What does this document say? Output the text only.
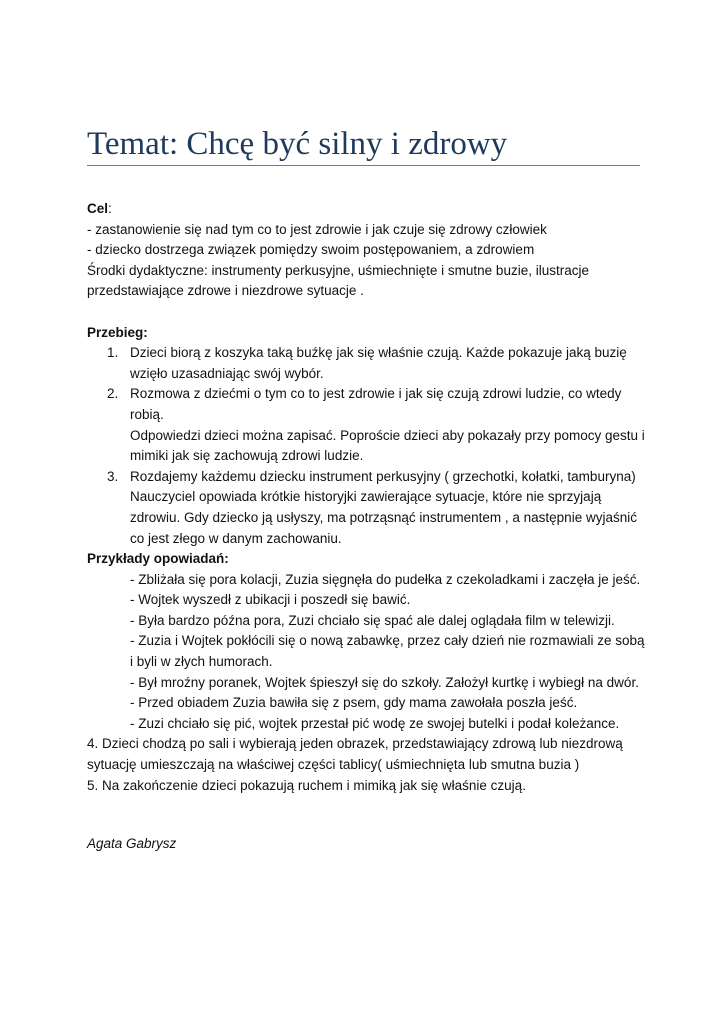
Temat: Chcę być silny i zdrowy
Cel:
- zastanowienie się nad tym co to jest zdrowie i jak czuje się zdrowy człowiek
- dziecko dostrzega związek pomiędzy swoim postępowaniem, a zdrowiem
Środki dydaktyczne: instrumenty perkusyjne, uśmiechnięte i smutne buzie, ilustracje
przedstawiające zdrowe i niezdrowe sytuacje .
Przebieg:
1. Dzieci biorą z koszyka taką buźkę jak się właśnie czują. Każde pokazuje jaką buzię
wzięło uzasadniając swój wybór.
2. Rozmowa z dziećmi o tym co to jest zdrowie i jak się czują zdrowi ludzie, co wtedy
robią.
Odpowiedzi dzieci można zapisać. Poproście dzieci aby pokazały przy pomocy gestu i
mimiki jak się zachowują zdrowi ludzie.
3. Rozdajemy każdemu dziecku instrument perkusyjny ( grzechotki, kołatki, tamburyna)
Nauczyciel opowiada krótkie historyjki zawierające sytuacje, które nie sprzyjają
zdrowiu. Gdy dziecko ją usłyszy, ma potrząsnąć instrumentem , a następnie wyjaśnić
co jest złego w danym zachowaniu.
Przykłady opowiadań:
- Zbliżała się pora kolacji, Zuzia sięgnęła do pudełka z czekoladkami i zaczęła je jeść.
- Wojtek wyszedł z ubikacji i poszedł się bawić.
- Była bardzo późna pora, Zuzi chciało się spać ale dalej oglądała film w telewizji.
- Zuzia i Wojtek pokłócili się o nową zabawkę, przez cały dzień nie rozmawiali ze sobą
i byli w złych humorach.
- Był mroźny poranek, Wojtek śpieszył się do szkoły. Założył kurtkę i wybiegł na dwór.
- Przed obiadem Zuzia bawiła się z psem, gdy mama zawołała poszła jeść.
- Zuzi chciało się pić, wojtek przestał pić wodę ze swojej butelki i podał koleżance.
4. Dzieci chodzą po sali i wybierają jeden obrazek, przedstawiający zdrową lub niezdrową
sytuację umieszczają na właściwej części tablicy( uśmiechnięta lub smutna buzia )
5. Na zakończenie dzieci pokazują ruchem i mimiką jak się właśnie czują.
Agata Gabrysz
